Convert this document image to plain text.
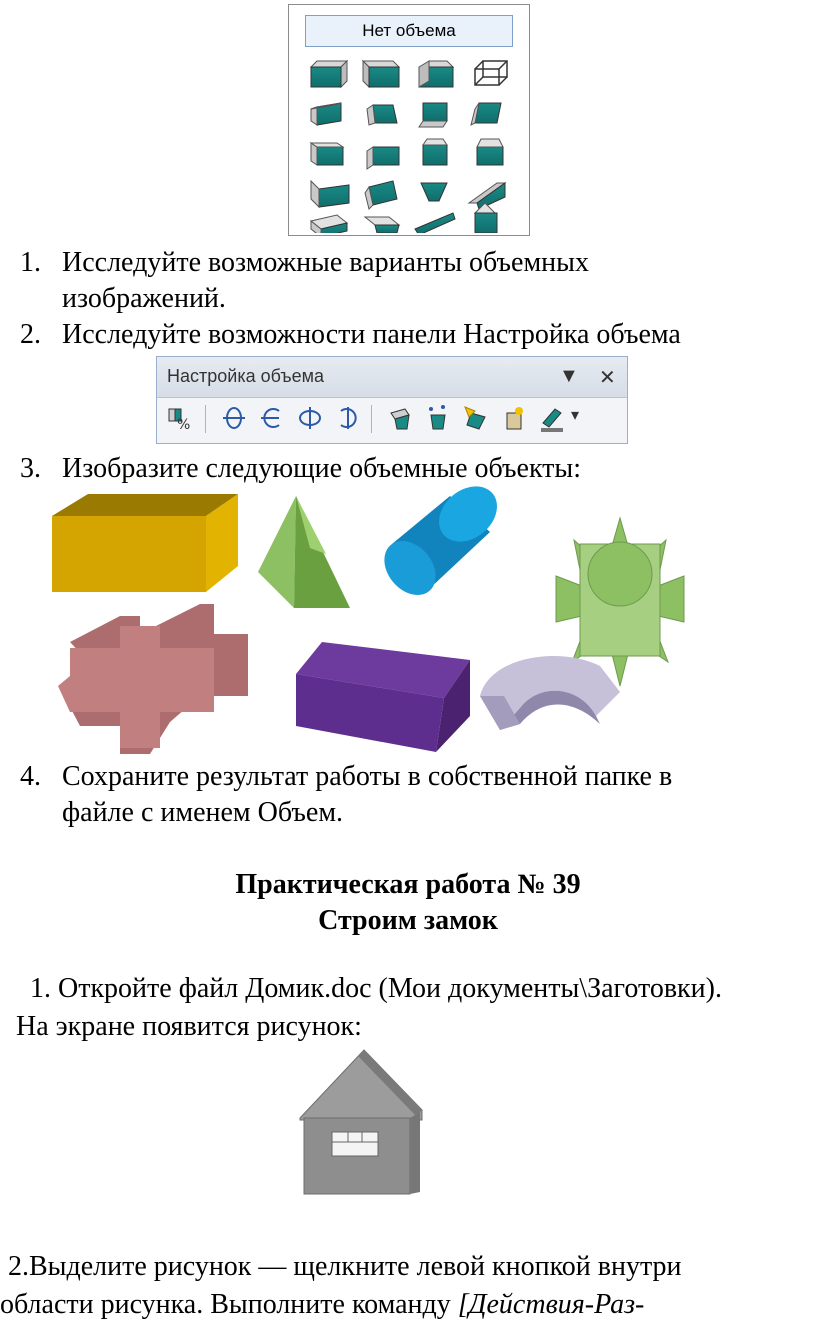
Нет объема
1. Исследуйте возможные варианты объемных
изображений.
2. Исследуйте возможности панели Настройка объема
Настройка объема	▼ ✕
%
▾
3. Изобразите следующие объемные объекты:
4. Сохраните результат работы в собственной папке в
файле с именем Объем.
Практическая работа № 39
Строим замок
1. Откройте файл Домик.doc (Мои документы\Заготовки).
На экране появится рисунок:
2.Выделите рисунок — щелкните левой кнопкой внутри
области рисунка. Выполните команду [Действия-Раз-
